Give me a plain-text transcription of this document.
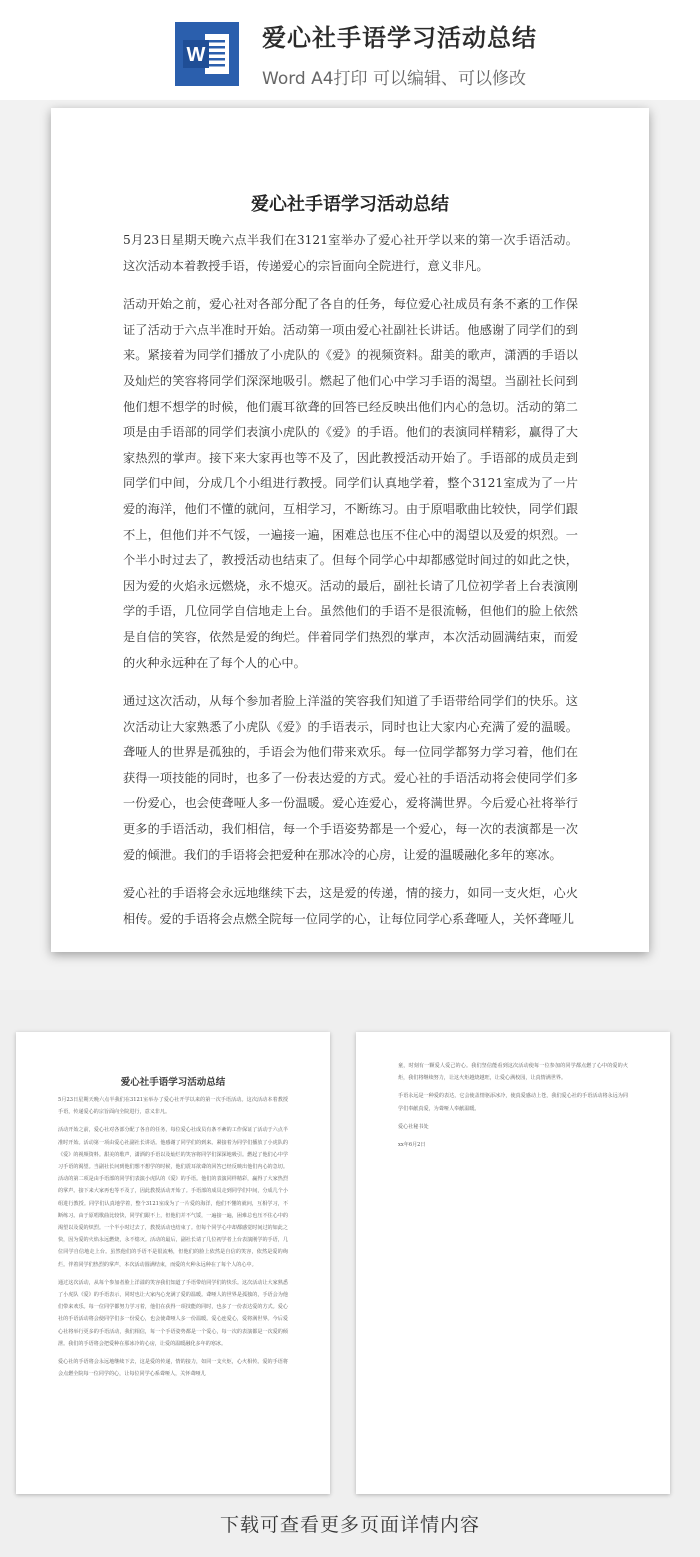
W
爱心社手语学习活动总结
Word A4打印 可以编辑、可以修改
爱心社手语学习活动总结

5月23日星期天晚六点半我们在3121室举办了爱心社开学以来的第一次手语活动。这次活动本着教授手语，传递爱心的宗旨面向全院进行，意义非凡。

活动开始之前，爱心社对各部分配了各自的任务，每位爱心社成员有条不紊的工作保证了活动于六点半准时开始。活动第一项由爱心社副社长讲话。他感谢了同学们的到来。紧接着为同学们播放了小虎队的《爱》的视频资料。甜美的歌声，潇洒的手语以及灿烂的笑容将同学们深深地吸引。燃起了他们心中学习手语的渴望。当副社长问到他们想不想学的时候，他们震耳欲聋的回答已经反映出他们内心的急切。活动的第二项是由手语部的同学们表演小虎队的《爱》的手语。他们的表演同样精彩，赢得了大家热烈的掌声。接下来大家再也等不及了，因此教授活动开始了。手语部的成员走到同学们中间，分成几个小组进行教授。同学们认真地学着，整个3121室成为了一片爱的海洋，他们不懂的就问，互相学习，不断练习。由于原唱歌曲比较快，同学们跟不上，但他们并不气馁，一遍接一遍，困难总也压不住心中的渴望以及爱的炽烈。一个半小时过去了，教授活动也结束了。但每个同学心中却都感觉时间过的如此之快，因为爱的火焰永远燃烧，永不熄灭。活动的最后，副社长请了几位初学者上台表演刚学的手语，几位同学自信地走上台。虽然他们的手语不是很流畅，但他们的脸上依然是自信的笑容，依然是爱的绚烂。伴着同学们热烈的掌声，本次活动圆满结束，而爱的火种永远种在了每个人的心中。

通过这次活动，从每个参加者脸上洋溢的笑容我们知道了手语带给同学们的快乐。这次活动让大家熟悉了小虎队《爱》的手语表示，同时也让大家内心充满了爱的温暖。聋哑人的世界是孤独的，手语会为他们带来欢乐。每一位同学都努力学习着，他们在获得一项技能的同时，也多了一份表达爱的方式。爱心社的手语活动将会使同学们多一份爱心，也会使聋哑人多一份温暖。爱心连爱心，爱将满世界。今后爱心社将举行更多的手语活动，我们相信，每一个手语姿势都是一个爱心，每一次的表演都是一次爱的倾泄。我们的手语将会把爱种在那冰冷的心房，让爱的温暖融化多年的寒冰。

爱心社的手语将会永远地继续下去，这是爱的传递，情的接力，如同一支火炬，心火相传。爱的手语将会点燃全院每一位同学的心，让每位同学心系聋哑人，关怀聋哑儿

爱心社手语学习活动总结

5月23日星期天晚六点半我们在3121室举办了爱心社开学以来的第一次手语活动。这次活动本着教授手语，传递爱心的宗旨面向全院进行，意义非凡。

活动开始之前，爱心社对各部分配了各自的任务，每位爱心社成员有条不紊的工作保证了活动于六点半准时开始。活动第一项由爱心社副社长讲话。他感谢了同学们的到来。紧接着为同学们播放了小虎队的《爱》的视频资料。甜美的歌声，潇洒的手语以及灿烂的笑容将同学们深深地吸引。燃起了他们心中学习手语的渴望。当副社长问到他们想不想学的时候，他们震耳欲聋的回答已经反映出他们内心的急切。活动的第二项是由手语部的同学们表演小虎队的《爱》的手语。他们的表演同样精彩，赢得了大家热烈的掌声。接下来大家再也等不及了，因此教授活动开始了。手语部的成员走到同学们中间，分成几个小组进行教授。同学们认真地学着，整个3121室成为了一片爱的海洋，他们不懂的就问，互相学习，不断练习。由于原唱歌曲比较快，同学们跟不上，但他们并不气馁，一遍接一遍，困难总也压不住心中的渴望以及爱的炽烈。一个半小时过去了，教授活动也结束了。但每个同学心中却都感觉时间过的如此之快，因为爱的火焰永远燃烧，永不熄灭。活动的最后，副社长请了几位初学者上台表演刚学的手语，几位同学自信地走上台。虽然他们的手语不是很流畅，但他们的脸上依然是自信的笑容，依然是爱的绚烂。伴着同学们热烈的掌声，本次活动圆满结束，而爱的火种永远种在了每个人的心中。

通过这次活动，从每个参加者脸上洋溢的笑容我们知道了手语带给同学们的快乐。这次活动让大家熟悉了小虎队《爱》的手语表示，同时也让大家内心充满了爱的温暖。聋哑人的世界是孤独的，手语会为他们带来欢乐。每一位同学都努力学习着，他们在获得一项技能的同时，也多了一份表达爱的方式。爱心社的手语活动将会使同学们多一份爱心，也会使聋哑人多一份温暖。爱心连爱心，爱将满世界。今后爱心社将举行更多的手语活动，我们相信，每一个手语姿势都是一个爱心，每一次的表演都是一次爱的倾泄。我们的手语将会把爱种在那冰冷的心房，让爱的温暖融化多年的寒冰。

爱心社的手语将会永远地继续下去，这是爱的传递，情的接力，如同一支火炬，心火相传。爱的手语将会点燃全院每一位同学的心，让每位同学心系聋哑人，关怀聋哑儿

童，时刻有一颗爱人爱己的心。我们坚信能看到这次活动使每一位参加的同学都点燃了心中的爱的火炬，我们将继续努力，让这火炬越烧越旺，让爱心满校园，让真情满世界。

手语永远是一种爱的表达，它会使盖情驱添冰冷，使真爱感动上苍，我们爱心社的手语活动将永远为同学们奉献真爱，为聋哑人奉献温暖。

爱心社秘书处

xx年6月2日

下载可查看更多页面详情内容
